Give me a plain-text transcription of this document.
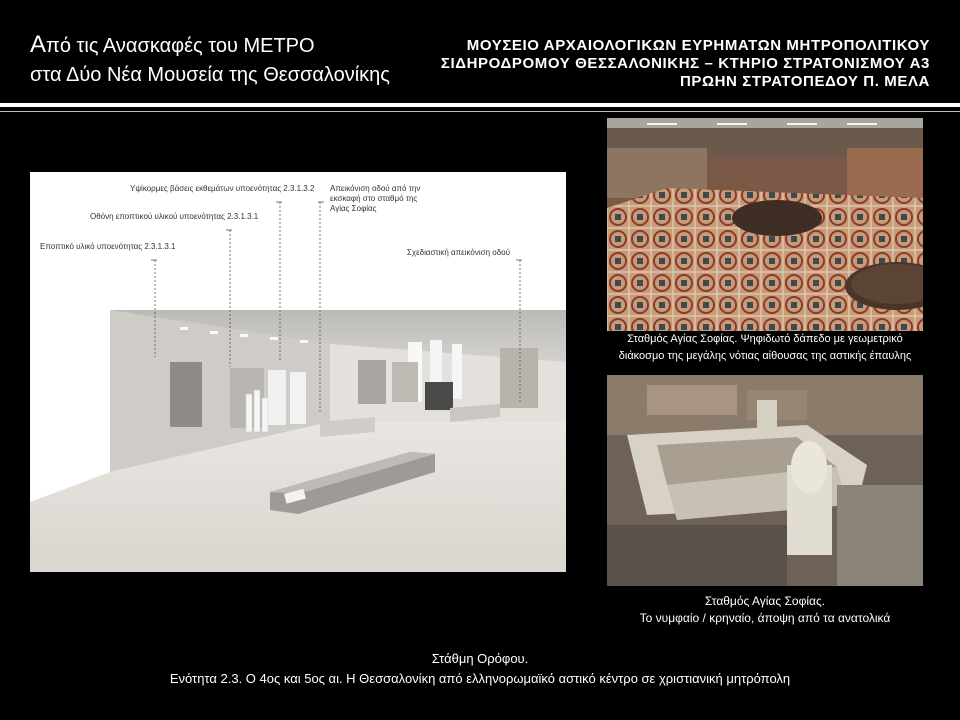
Από τις Ανασκαφές του ΜΕΤΡΟ
στα Δύο Νέα Μουσεία της Θεσσαλονίκης
ΜΟΥΣΕΙΟ ΑΡΧΑΙΟΛΟΓΙΚΩΝ ΕΥΡΗΜΑΤΩΝ ΜΗΤΡΟΠΟΛΙΤΙΚΟΥ
ΣΙΔΗΡΟΔΡΟΜΟΥ ΘΕΣΣΑΛΟΝΙΚΗΣ – ΚΤΗΡΙΟ ΣΤΡΑΤΟΝΙΣΜΟΥ Α3
ΠΡΩΗΝ ΣΤΡΑΤΟΠΕΔΟΥ Π. ΜΕΛΑ
Υψίκορμες βάσεις εκθεμάτων υποενότητας 2.3.1.3.2
Οθόνη εποπτικού υλικού υποενότητας 2.3.1.3.1
Εποπτικό υλικό υποενότητας 2.3.1.3.1
Απεικόνιση οδού από την εκσκαφή στο σταθμό της Αγίας Σοφίας
Σχεδιαστική απεικόνιση οδού
Σταθμός Αγίας Σοφίας. Ψηφιδωτό δάπεδο με γεωμετρικό
διάκοσμο της μεγάλης νότιας αίθουσας της αστικής έπαυλης
Σταθμός Αγίας Σοφίας.
Το νυμφαίο / κρηναίο, άποψη από τα ανατολικά
Στάθμη Ορόφου.
Ενότητα 2.3. Ο 4ος και 5ος αι. Η Θεσσαλονίκη από ελληνορωμαϊκό αστικό κέντρο σε χριστιανική μητρόπολη
